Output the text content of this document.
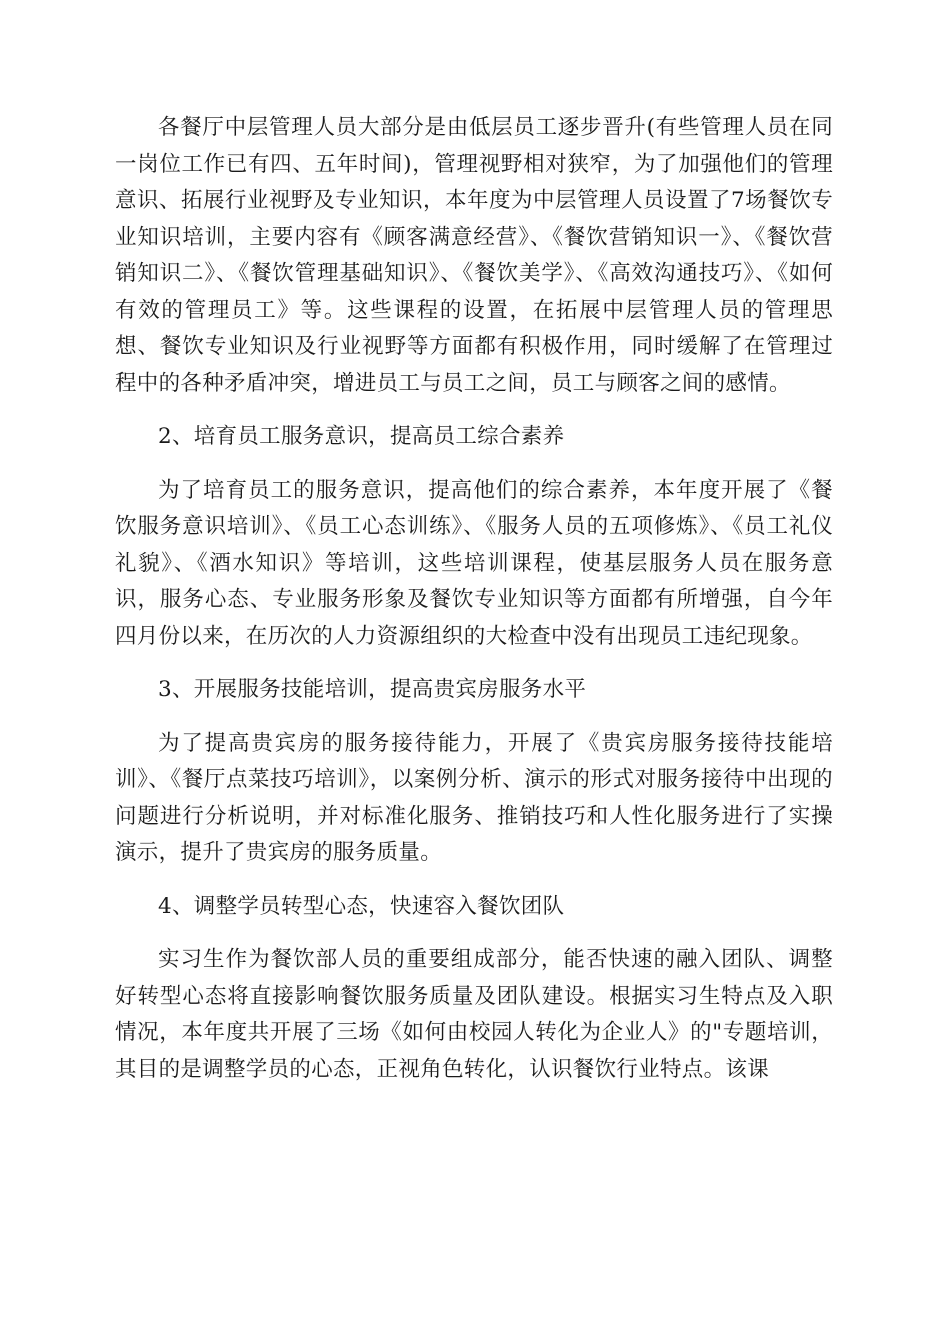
各餐厅中层管理人员大部分是由低层员工逐步晋升(有些管理人员在同一岗位工作已有四、五年时间)，管理视野相对狭窄，为了加强他们的管理意识、拓展行业视野及专业知识，本年度为中层管理人员设置了7场餐饮专业知识培训，主要内容有《顾客满意经营》、《餐饮营销知识一》、《餐饮营销知识二》、《餐饮管理基础知识》、《餐饮美学》、《高效沟通技巧》、《如何有效的管理员工》等。这些课程的设置，在拓展中层管理人员的管理思想、餐饮专业知识及行业视野等方面都有积极作用，同时缓解了在管理过程中的各种矛盾冲突，增进员工与员工之间，员工与顾客之间的感情。

2、培育员工服务意识，提高员工综合素养

为了培育员工的服务意识，提高他们的综合素养，本年度开展了《餐饮服务意识培训》、《员工心态训练》、《服务人员的五项修炼》、《员工礼仪礼貌》、《酒水知识》等培训，这些培训课程，使基层服务人员在服务意识，服务心态、专业服务形象及餐饮专业知识等方面都有所增强，自今年四月份以来，在历次的人力资源组织的大检查中没有出现员工违纪现象。

3、开展服务技能培训，提高贵宾房服务水平

为了提高贵宾房的服务接待能力，开展了《贵宾房服务接待技能培训》、《餐厅点菜技巧培训》，以案例分析、演示的形式对服务接待中出现的问题进行分析说明，并对标准化服务、推销技巧和人性化服务进行了实操演示，提升了贵宾房的服务质量。

4、调整学员转型心态，快速容入餐饮团队

实习生作为餐饮部人员的重要组成部分，能否快速的融入团队、调整好转型心态将直接影响餐饮服务质量及团队建设。根据实习生特点及入职情况，本年度共开展了三场《如何由校园人转化为企业人》的"专题培训，其目的是调整学员的心态，正视角色转化，认识餐饮行业特点。该课
